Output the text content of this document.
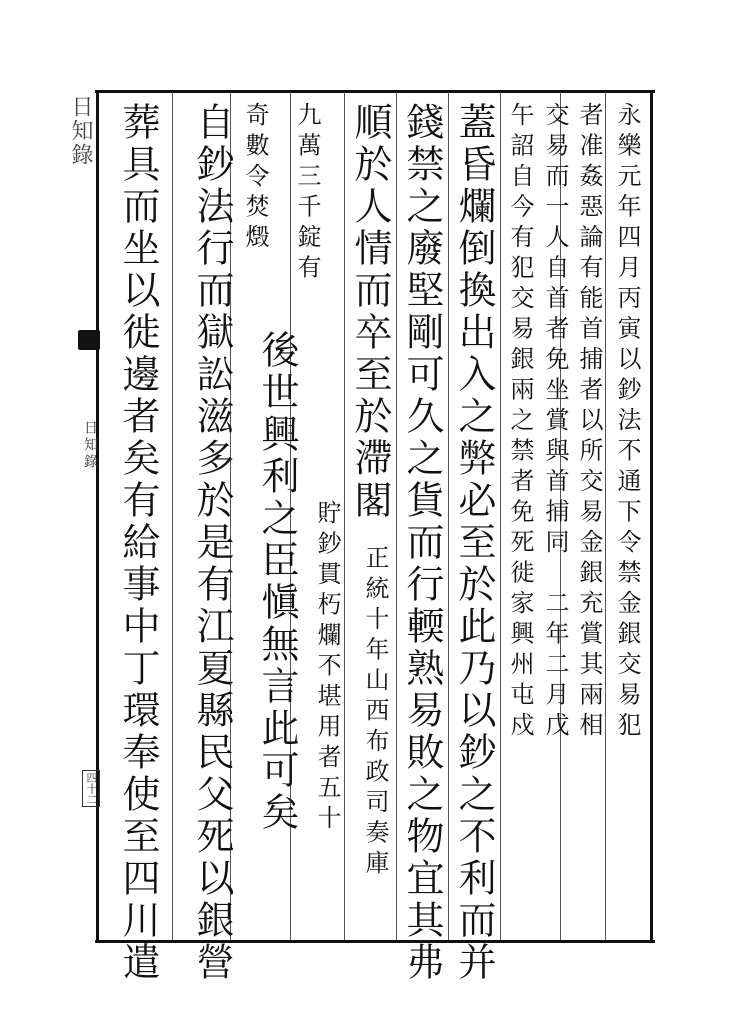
日知錄
日知錄
四十二
永樂元年四月丙寅以鈔法不通下令禁金銀交易犯
者准姦惡論有能首捕者以所交易金銀充賞其兩相
交易而一人自首者免坐賞與首捕同　二年二月戊
午詔自今有犯交易銀兩之禁者免死徙家興州屯戍
蓋昏爛倒換出入之弊必至於此乃以鈔之不利而并
錢禁之廢堅剛可久之貨而行輭熟易敗之物宜其弗
順於人情而卒至於滯閣
正統十年山西布政司奏庫
貯鈔貫朽爛不堪用者五十
九萬三千錠有
奇數令焚燬
後世興利之臣愼無言此可矣
自鈔法行而獄訟滋多於是有江夏縣民父死以銀營
葬具而坐以徙邊者矣有給事中丁環奉使至四川遣
